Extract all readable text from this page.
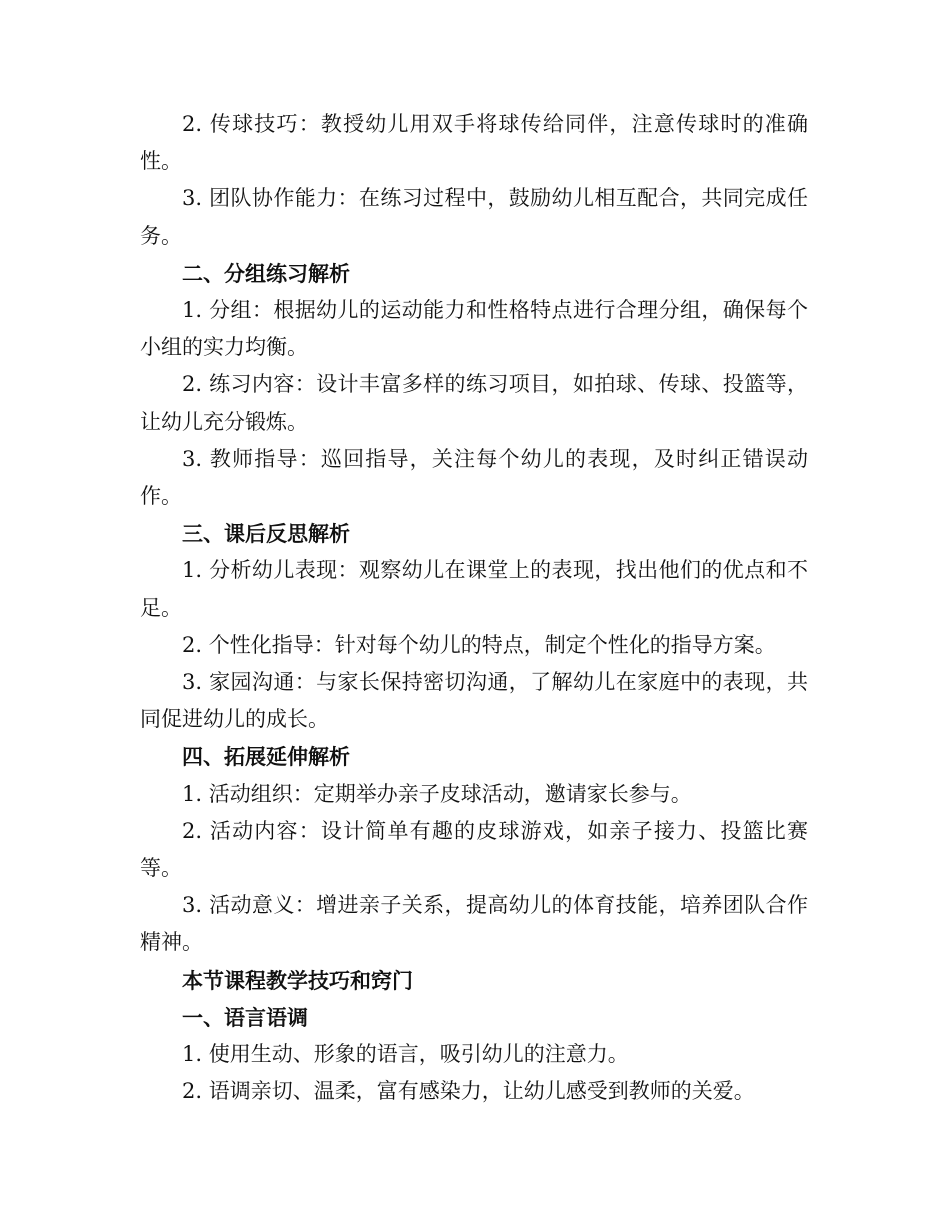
2. 传球技巧：教授幼儿用双手将球传给同伴，注意传球时的准确性。

3. 团队协作能力：在练习过程中，鼓励幼儿相互配合，共同完成任务。

二、分组练习解析

1. 分组：根据幼儿的运动能力和性格特点进行合理分组，确保每个小组的实力均衡。

2. 练习内容：设计丰富多样的练习项目，如拍球、传球、投篮等，让幼儿充分锻炼。

3. 教师指导：巡回指导，关注每个幼儿的表现，及时纠正错误动作。

三、课后反思解析

1. 分析幼儿表现：观察幼儿在课堂上的表现，找出他们的优点和不足。

2. 个性化指导：针对每个幼儿的特点，制定个性化的指导方案。

3. 家园沟通：与家长保持密切沟通，了解幼儿在家庭中的表现，共同促进幼儿的成长。

四、拓展延伸解析

1. 活动组织：定期举办亲子皮球活动，邀请家长参与。

2. 活动内容：设计简单有趣的皮球游戏，如亲子接力、投篮比赛等。

3. 活动意义：增进亲子关系，提高幼儿的体育技能，培养团队合作精神。

本节课程教学技巧和窍门

一、语言语调

1. 使用生动、形象的语言，吸引幼儿的注意力。

2. 语调亲切、温柔，富有感染力，让幼儿感受到教师的关爱。
